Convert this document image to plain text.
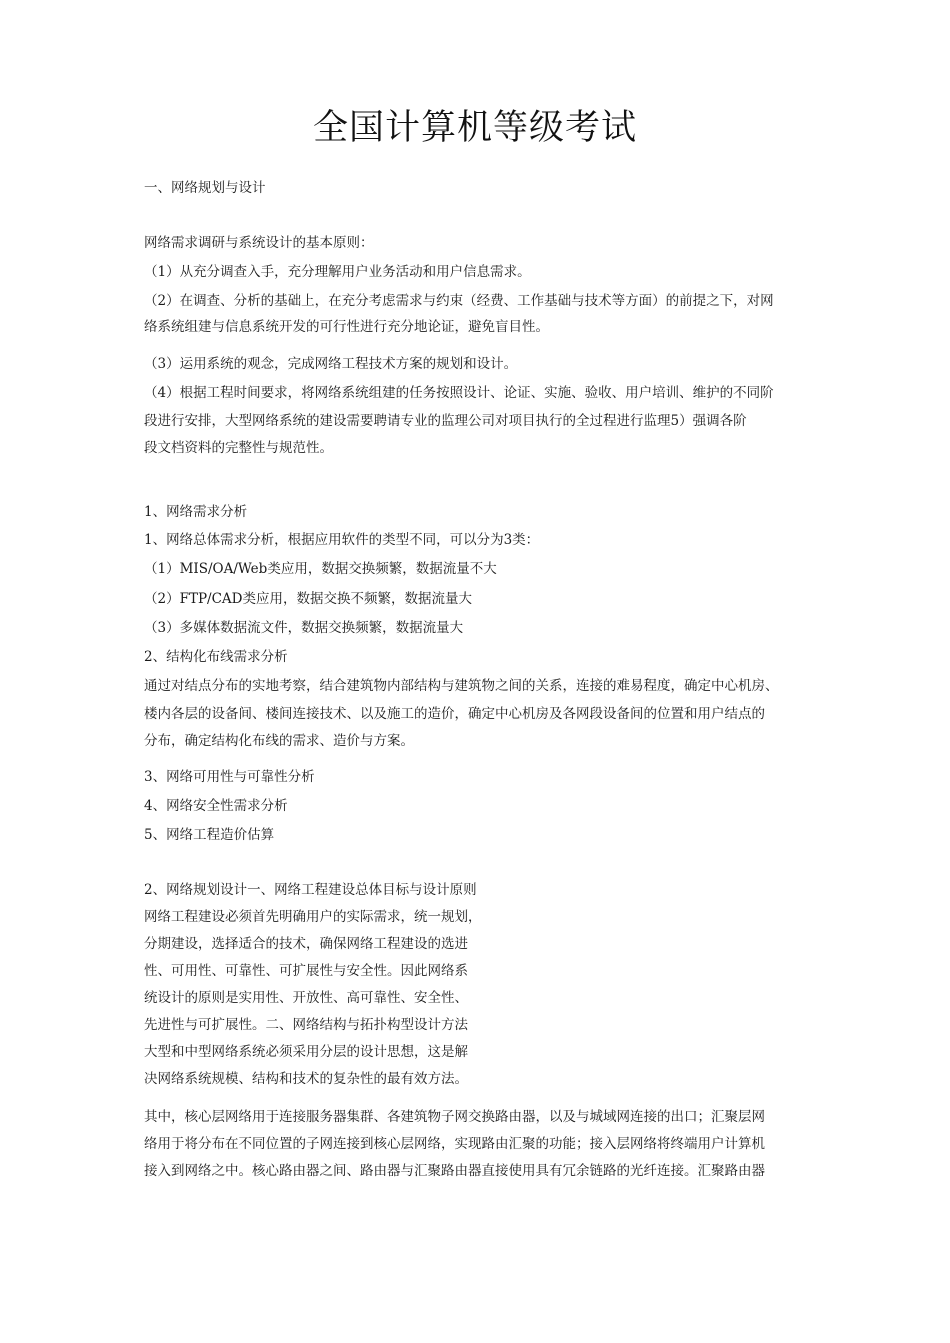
全国计算机等级考试
一、网络规划与设计
网络需求调研与系统设计的基本原则：
（1）从充分调查入手，充分理解用户业务活动和用户信息需求。
（2）在调查、分析的基础上，在充分考虑需求与约束（经费、工作基础与技术等方面）的前提之下，对网
络系统组建与信息系统开发的可行性进行充分地论证，避免盲目性。
（3）运用系统的观念，完成网络工程技术方案的规划和设计。
（4）根据工程时间要求，将网络系统组建的任务按照设计、论证、实施、验收、用户培训、维护的不同阶
段进行安排，大型网络系统的建设需要聘请专业的监理公司对项目执行的全过程进行监理5）强调各阶
段文档资料的完整性与规范性。
1、网络需求分析
1、网络总体需求分析，根据应用软件的类型不同，可以分为3类：
（1）MIS/OA/Web类应用，数据交换频繁，数据流量不大
（2）FTP/CAD类应用，数据交换不频繁，数据流量大
（3）多媒体数据流文件，数据交换频繁，数据流量大
2、结构化布线需求分析
通过对结点分布的实地考察，结合建筑物内部结构与建筑物之间的关系，连接的难易程度，确定中心机房、
楼内各层的设备间、楼间连接技术、以及施工的造价，确定中心机房及各网段设备间的位置和用户结点的
分布，确定结构化布线的需求、造价与方案。
3、网络可用性与可靠性分析
4、网络安全性需求分析
5、网络工程造价估算
2、网络规划设计一、网络工程建设总体目标与设计原则
网络工程建设必须首先明确用户的实际需求，统一规划，
分期建设，选择适合的技术，确保网络工程建设的选进
性、可用性、可靠性、可扩展性与安全性。因此网络系
统设计的原则是实用性、开放性、高可靠性、安全性、
先进性与可扩展性。二、网络结构与拓扑构型设计方法
大型和中型网络系统必须采用分层的设计思想，这是解
决网络系统规模、结构和技术的复杂性的最有效方法。
其中，核心层网络用于连接服务器集群、各建筑物子网交换路由器，以及与城域网连接的出口；汇聚层网
络用于将分布在不同位置的子网连接到核心层网络，实现路由汇聚的功能；接入层网络将终端用户计算机
接入到网络之中。核心路由器之间、路由器与汇聚路由器直接使用具有冗余链路的光纤连接。汇聚路由器
